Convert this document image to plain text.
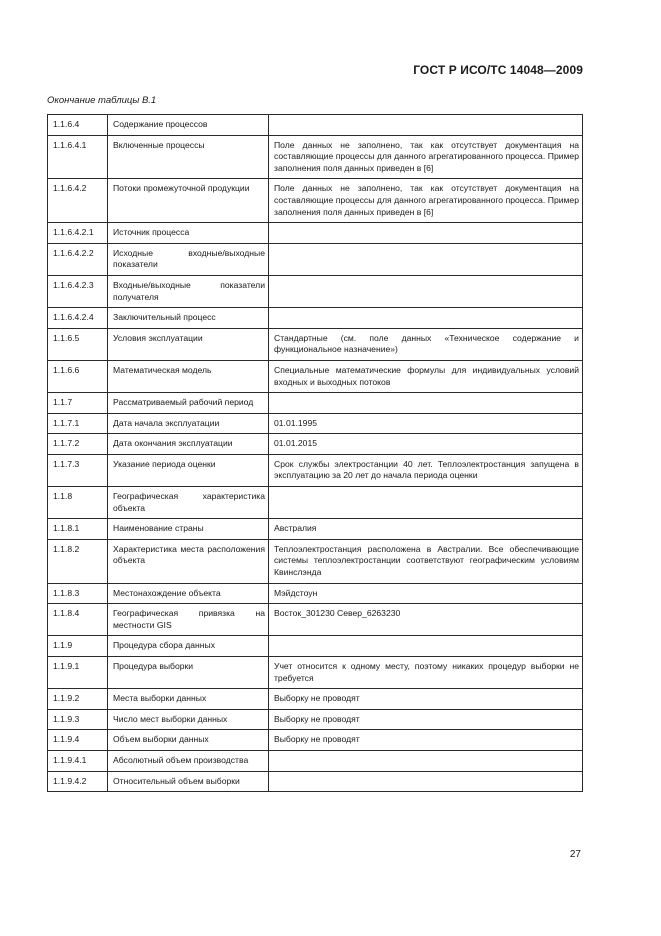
ГОСТ Р ИСО/ТС 14048—2009
Окончание таблицы В.1
1.1.6.4	Содержание процессов	
1.1.6.4.1	Включенные процессы	Поле данных не заполнено, так как отсутствует документация на составляющие процессы для данного агрегатированного процесса. Пример заполнения поля данных приведен в [6]
1.1.6.4.2	Потоки промежуточной продукции	Поле данных не заполнено, так как отсутствует документация на составляющие процессы для данного агрегатированного процесса. Пример заполнения поля данных приведен в [6]
1.1.6.4.2.1	Источник процесса	
1.1.6.4.2.2	Исходные входные/выходные показатели	
1.1.6.4.2.3	Входные/выходные показатели получателя	
1.1.6.4.2.4	Заключительный процесс	
1.1.6.5	Условия эксплуатации	Стандартные (см. поле данных «Техническое содержание и функциональное назначение»)
1.1.6.6	Математическая модель	Специальные математические формулы для индивидуальных условий входных и выходных потоков
1.1.7	Рассматриваемый рабочий период	
1.1.7.1	Дата начала эксплуатации	01.01.1995
1.1.7.2	Дата окончания эксплуатации	01.01.2015
1.1.7.3	Указание периода оценки	Срок службы электростанции 40 лет. Теплоэлектростанция запущена в эксплуатацию за 20 лет до начала периода оценки
1.1.8	Географическая характеристика объекта	
1.1.8.1	Наименование страны	Австралия
1.1.8.2	Характеристика места расположения объекта	Теплоэлектростанция расположена в Австралии. Все обеспечивающие системы теплоэлектростанции соответствуют географическим условиям Квинслэнда
1.1.8.3	Местонахождение объекта	Мэйдстоун
1.1.8.4	Географическая привязка на местности GIS	Восток_301230 Север_6263230
1.1.9	Процедура сбора данных	
1.1.9.1	Процедура выборки	Учет относится к одному месту, поэтому никаких процедур выборки не требуется
1.1.9.2	Места выборки данных	Выборку не проводят
1.1.9.3	Число мест выборки данных	Выборку не проводят
1.1.9.4	Объем выборки данных	Выборку не проводят
1.1.9.4.1	Абсолютный объем производства	
1.1.9.4.2	Относительный объем выборки	
27
